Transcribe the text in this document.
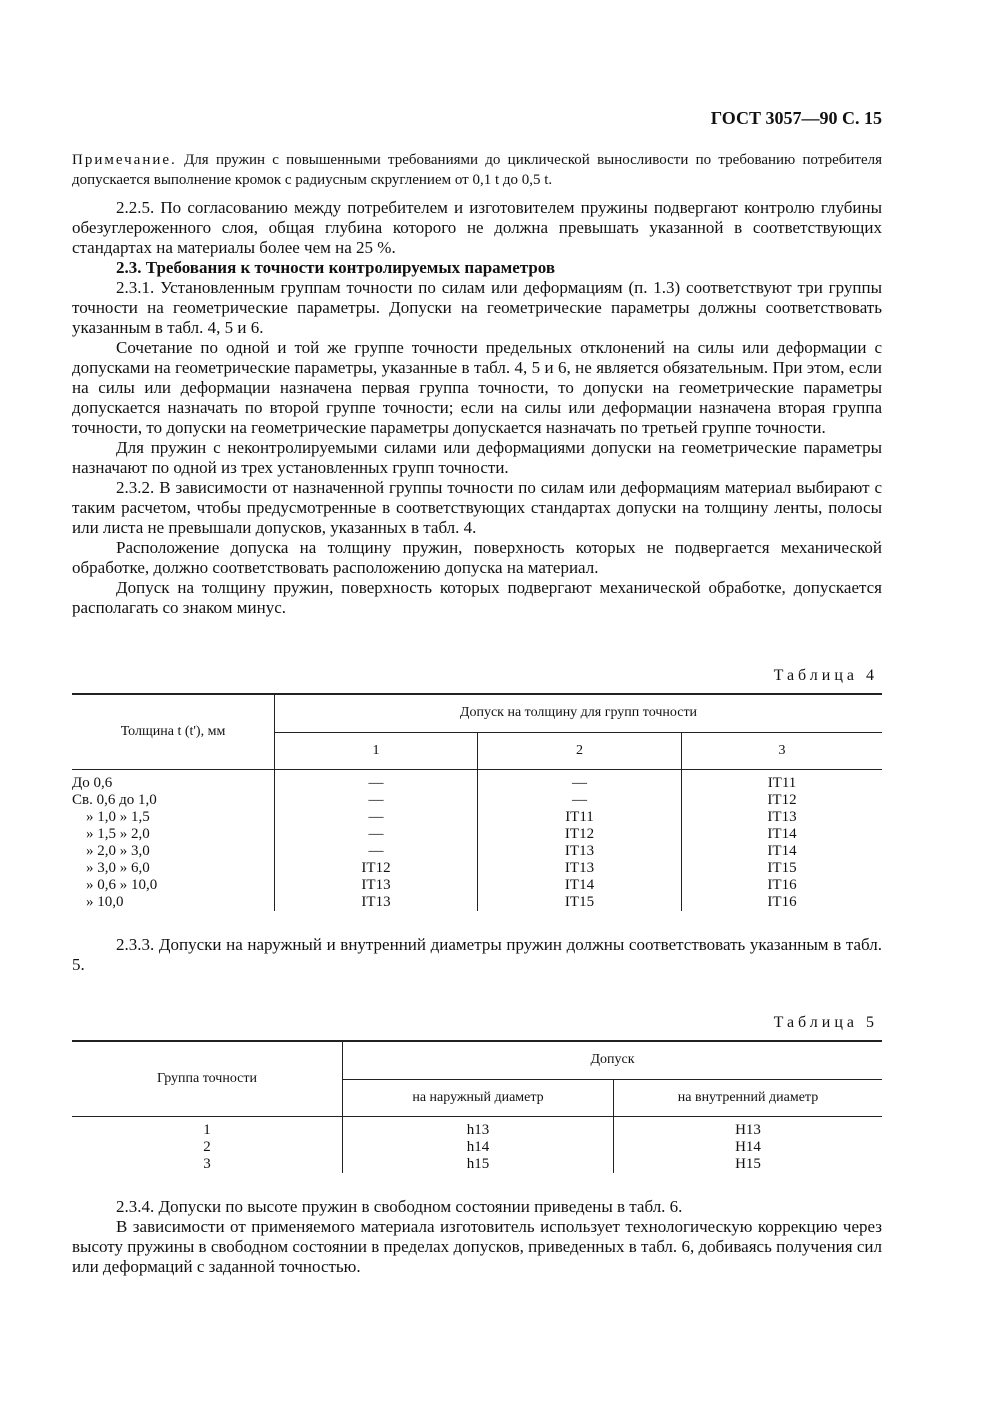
ГОСТ 3057—90 С. 15
Примечание. Для пружин с повышенными требованиями до циклической выносливости по требованию потребителя допускается выполнение кромок с радиусным скруглением от 0,1 t до 0,5 t.

2.2.5. По согласованию между потребителем и изготовителем пружины подвергают контролю глубины обезуглероженного слоя, общая глубина которого не должна превышать указанной в соответствующих стандартах на материалы более чем на 25 %.

2.3. Требования к точности контролируемых параметров

2.3.1. Установленным группам точности по силам или деформациям (п. 1.3) соответствуют три группы точности на геометрические параметры. Допуски на геометрические параметры должны соответствовать указанным в табл. 4, 5 и 6.

Сочетание по одной и той же группе точности предельных отклонений на силы или деформации с допусками на геометрические параметры, указанные в табл. 4, 5 и 6, не является обязательным. При этом, если на силы или деформации назначена первая группа точности, то допуски на геометрические параметры допускается назначать по второй группе точности; если на силы или деформации назначена вторая группа точности, то допуски на геометрические параметры допускается назначать по третьей группе точности.

Для пружин с неконтролируемыми силами или деформациями допуски на геометрические параметры назначают по одной из трех установленных групп точности.

2.3.2. В зависимости от назначенной группы точности по силам или деформациям материал выбирают с таким расчетом, чтобы предусмотренные в соответствующих стандартах допуски на толщину ленты, полосы или листа не превышали допусков, указанных в табл. 4.

Расположение допуска на толщину пружин, поверхность которых не подвергается механической обработке, должно соответствовать расположению допуска на материал.

Допуск на толщину пружин, поверхность которых подвергают механической обработке, допускается располагать со знаком минус.

Таблица 4
Толщина t (t'), мм	Допуск на толщину для групп точности		
	1	2	3

До 0,6	—	—	IT11
Св. 0,6 до 1,0	—	—	IT12
» 1,0 » 1,5	—	IT11	IT13
» 1,5 » 2,0	—	IT12	IT14
» 2,0 » 3,0	—	IT13	IT14
» 3,0 » 6,0	IT12	IT13	IT15
» 0,6 » 10,0	IT13	IT14	IT16
» 10,0	IT13	IT15	IT16

2.3.3. Допуски на наружный и внутренний диаметры пружин должны соответствовать указанным в табл. 5.

Таблица 5
Группа точности	Допуск	
	на наружный диаметр	на внутренний диаметр

1	h13	H13
2	h14	H14
3	h15	H15

2.3.4. Допуски по высоте пружин в свободном состоянии приведены в табл. 6.

В зависимости от применяемого материала изготовитель использует технологическую коррекцию через высоту пружины в свободном состоянии в пределах допусков, приведенных в табл. 6, добиваясь получения сил или деформаций с заданной точностью.
